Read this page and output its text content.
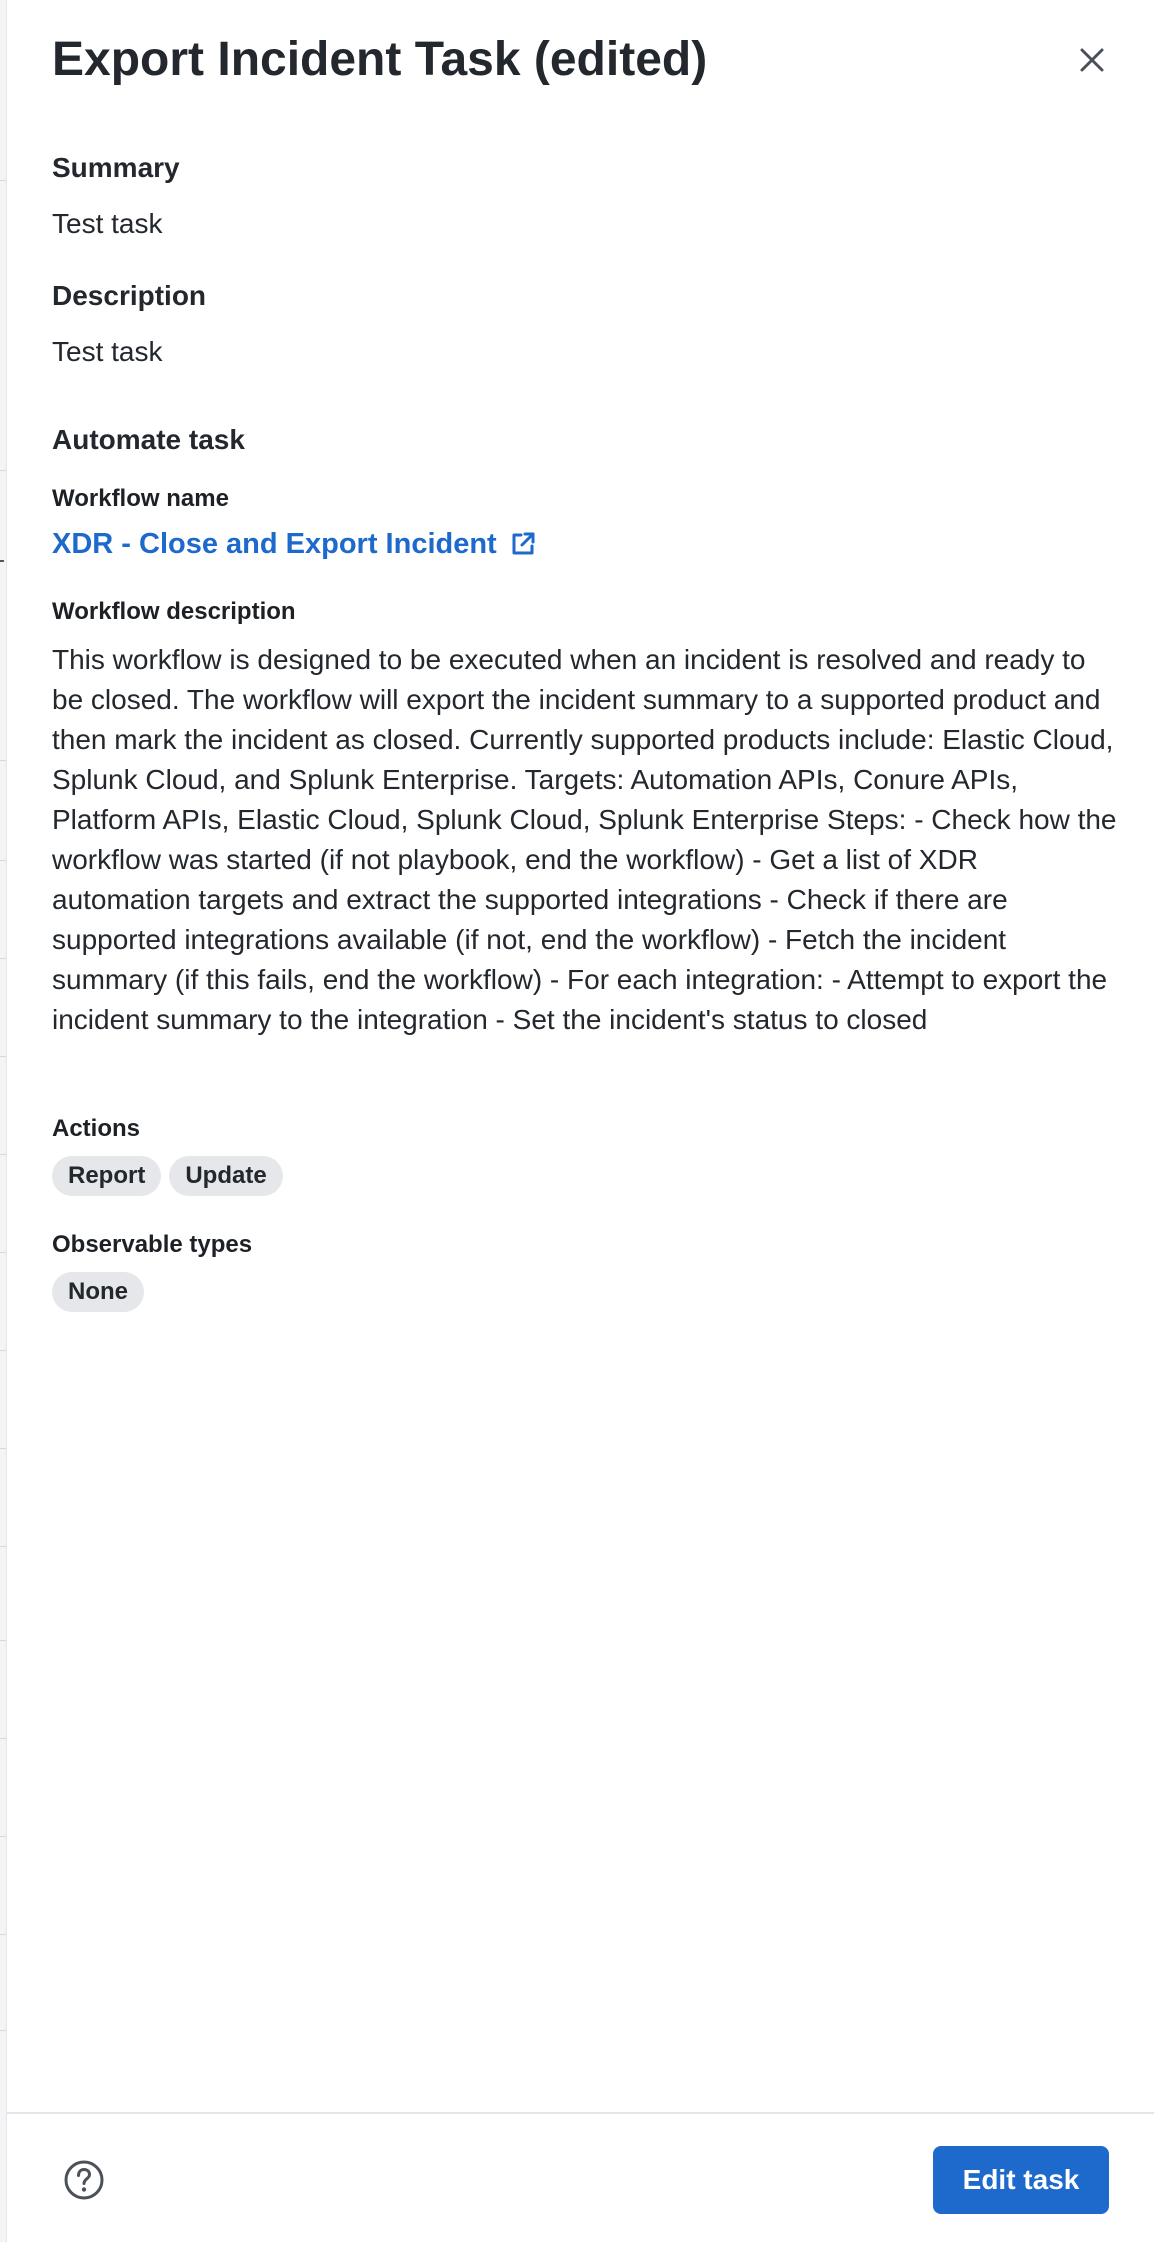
Export Incident Task (edited)
Summary

Test task

Description

Test task

Automate task
Workflow name
XDR - Close and Export Incident
Workflow description

This workflow is designed to be executed when an incident is resolved and ready to be closed. The workflow will export the incident summary to a supported product and then mark the incident as closed. Currently supported products include: Elastic Cloud, Splunk Cloud, and Splunk Enterprise. Targets: Automation APIs, Conure APIs, Platform APIs, Elastic Cloud, Splunk Cloud, Splunk Enterprise Steps: - Check how the workflow was started (if not playbook, end the workflow) - Get a list of XDR automation targets and extract the supported integrations - Check if there are supported integrations available (if not, end the workflow) - Fetch the incident summary (if this fails, end the workflow) - For each integration: - Attempt to export the incident summary to the integration - Set the incident's status to closed

Actions
Report	Update
Observable types
None
Edit task
